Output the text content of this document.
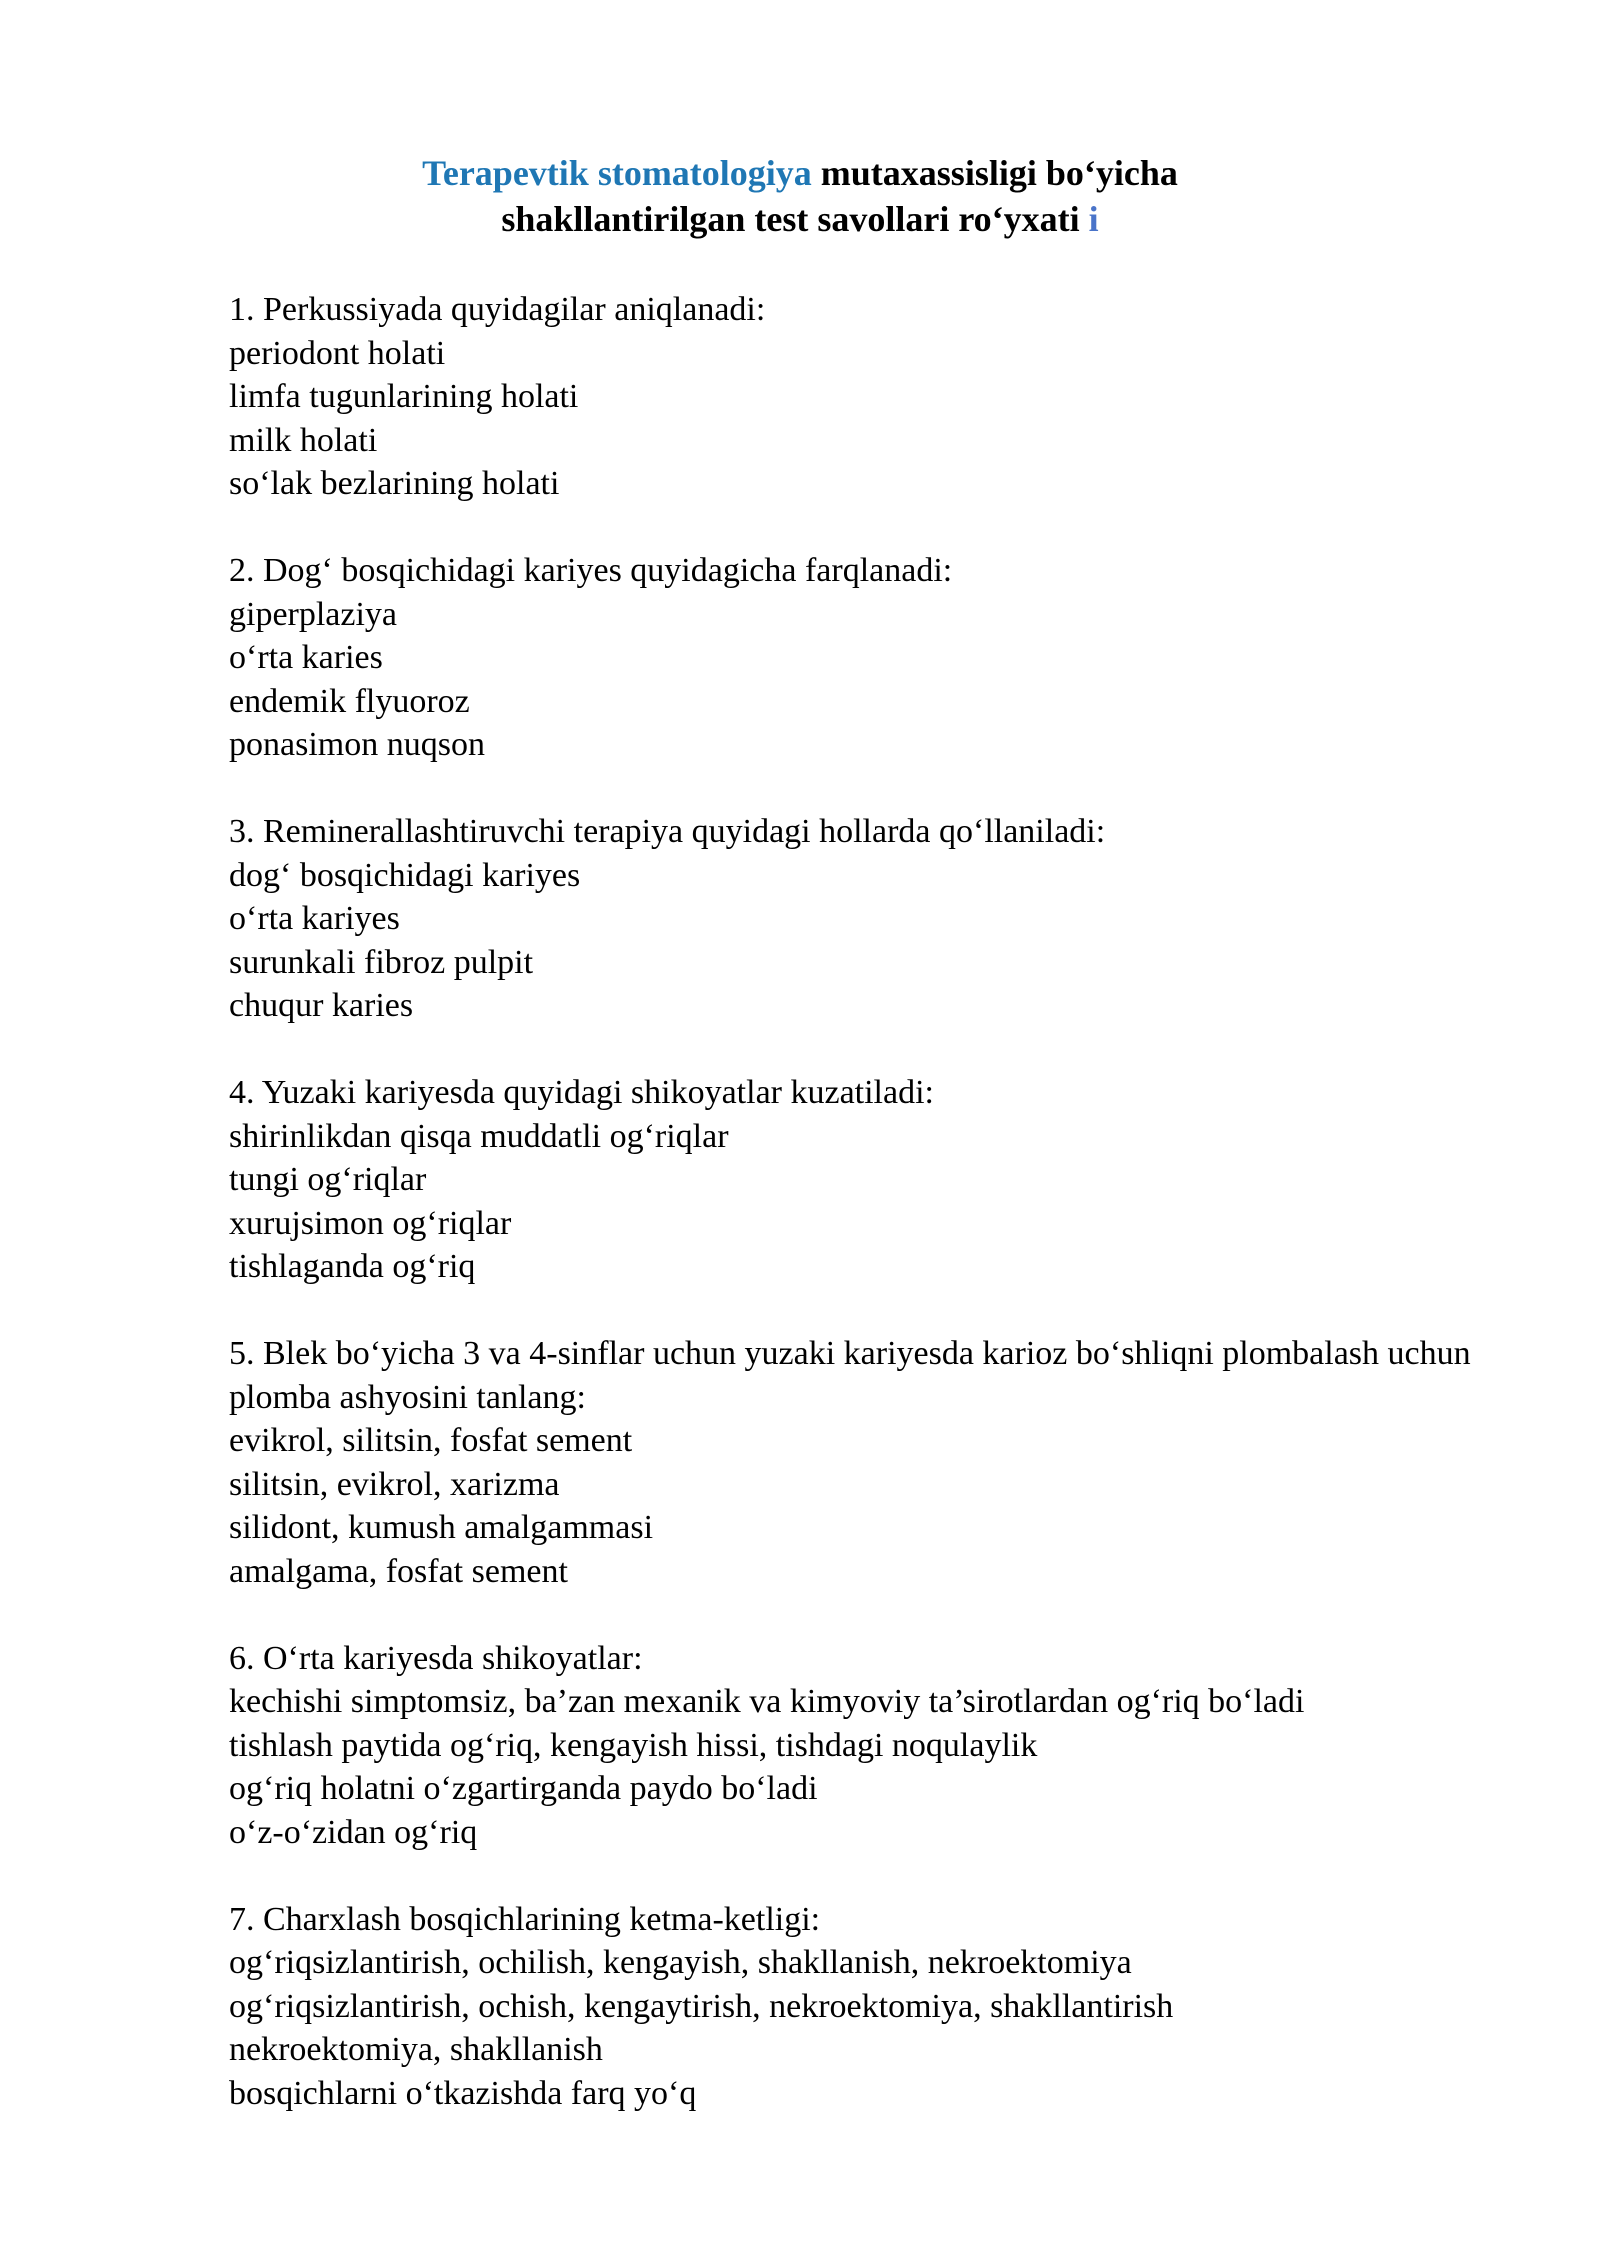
Terapevtik stomatologiya mutaxassisligi bo‘yicha
shakllantirilgan test savollari ro‘yxati i
1. Perkussiyada quyidagilar aniqlanadi:
periodont holati
limfa tugunlarining holati
milk holati
so‘lak bezlarining holati
2. Dog‘ bosqichidagi kariyes quyidagicha farqlanadi:
giperplaziya
o‘rta karies
endemik flyuoroz
ponasimon nuqson
3. Reminerallashtiruvchi terapiya quyidagi hollarda qo‘llaniladi:
dog‘ bosqichidagi kariyes
o‘rta kariyes
surunkali fibroz pulpit
chuqur karies
4. Yuzaki kariyesda quyidagi shikoyatlar kuzatiladi:
shirinlikdan qisqa muddatli og‘riqlar
tungi og‘riqlar
xurujsimon og‘riqlar
tishlaganda og‘riq
5. Blek bo‘yicha 3 va 4-sinflar uchun yuzaki kariyesda karioz bo‘shliqni plombalash uchun plomba ashyosini tanlang:
evikrol, silitsin, fosfat sement
silitsin, evikrol, xarizma
silidont, kumush amalgammasi
amalgama, fosfat sement
6. O‘rta kariyesda shikoyatlar:
kechishi simptomsiz, ba’zan mexanik va kimyoviy ta’sirotlardan og‘riq bo‘ladi
tishlash paytida og‘riq, kengayish hissi, tishdagi noqulaylik
og‘riq holatni o‘zgartirganda paydo bo‘ladi
o‘z-o‘zidan og‘riq
7. Charxlash bosqichlarining ketma-ketligi:
og‘riqsizlantirish, ochilish, kengayish, shakllanish, nekroektomiya
og‘riqsizlantirish, ochish, kengaytirish, nekroektomiya, shakllantirish
nekroektomiya, shakllanish
bosqichlarni o‘tkazishda farq yo‘q
